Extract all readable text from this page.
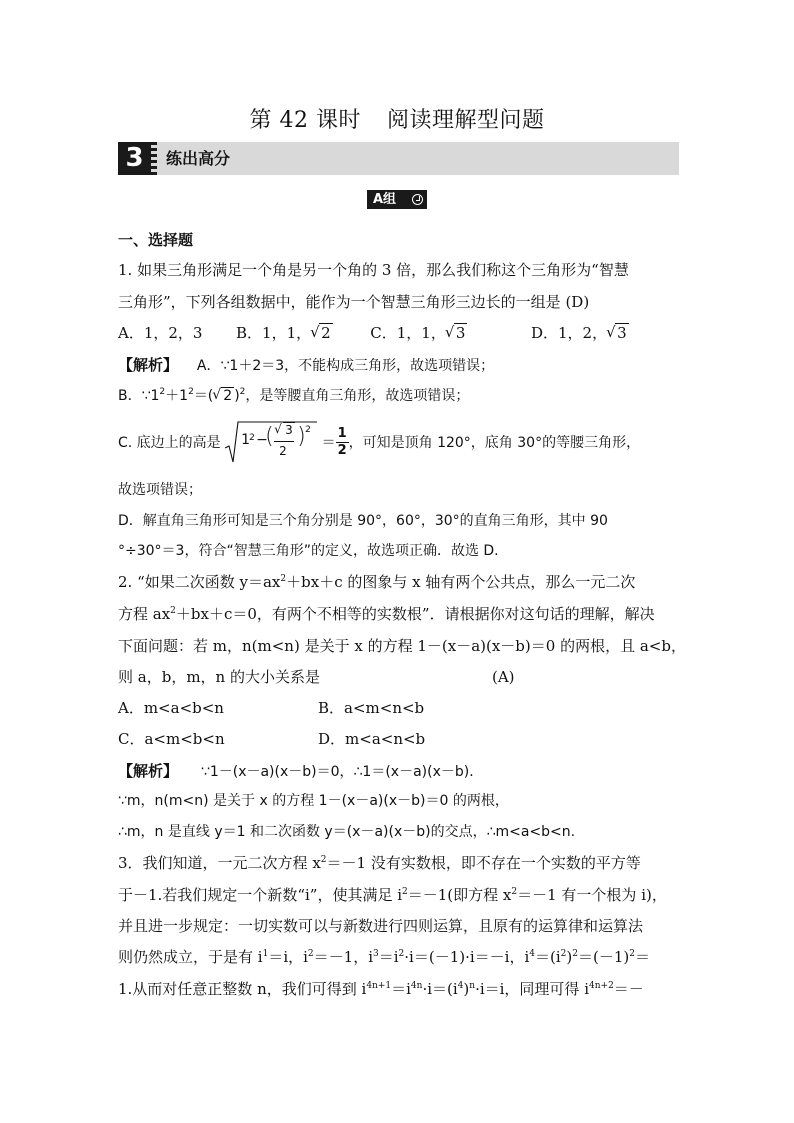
第 42 课时 阅读理解型问题
3	练出高分
A组
一、选择题
1. 如果三角形满足一个角是另一个角的 3 倍，那么我们称这个三角形为“智慧
三角形”，下列各组数据中，能作为一个智慧三角形三边长的一组是 (D)
A．1，2，3 B．1，1，√ 2	C．1，1，√ 3	D．1，2，√ 3
【解析】 A．∵1＋2＝3，不能构成三角形，故选项错误；
B．$\because 1^2+1^2=(√$ 2 )$^2$，是等腰直角三角形，故选项错误；
C. 底边上的高是 1 2 −
(
√ 3
2
) 2
＝ $\frac{1}{2}$ ，可知是顶角 120°，底角 30°的等腰三角形，
故选项错误；
D．解直角三角形可知是三个角分别是 90°，60°，30°的直角三角形，其中 90
°÷30°＝3，符合“智慧三角形”的定义，故选项正确．故选 D.
2. “如果二次函数 $y=ax^2+bx+c$ 的图象与 x 轴有两个公共点，那么一元二次
方程 $ax^2+bx+c=0$，有两个不相等的实数根”．请根据你对这句话的理解，解决
下面问题：若 m，n(m<n) 是关于 x 的方程 1－(x－a)(x－b)＝0 的两根，且 a<b，
则 a，b，m，n 的大小关系是	(A)
A．m<a<b<n	B．a<m<n<b
C．a<m<b<n	D．m<a<n<b
【解析】 ∵1－(x－a)(x－b)＝0，∴1＝(x－a)(x－b)．
∵m，n(m<n) 是关于 x 的方程 1－(x－a)(x－b)＝0 的两根，
∴m，n 是直线 y＝1 和二次函数 y＝(x－a)(x－b)的交点，∴m<a<b<n.
3．我们知道，一元二次方程 $x^2=-1$ 没有实数根，即不存在一个实数的平方等
于－1.若我们规定一个新数“i”，使其满足 $i^2=-1$(即方程 $x^2=-1$ 有一个根为 i)，
并且进一步规定：一切实数可以与新数进行四则运算，且原有的运算律和运算法
则仍然成立，于是有 $i^1=i$，$i^2=-1$，$i^3=i^2\cdot i=(-1)\cdot i=-i$，$i^4=(i^2)^2=(-1)^2=$
1.从而对任意正整数 n，我们可得到 $i^{4n+1}=i^{4n}\cdot i=(i^4)^n\cdot i=i$，同理可得 $i^{4n+2}=-$
